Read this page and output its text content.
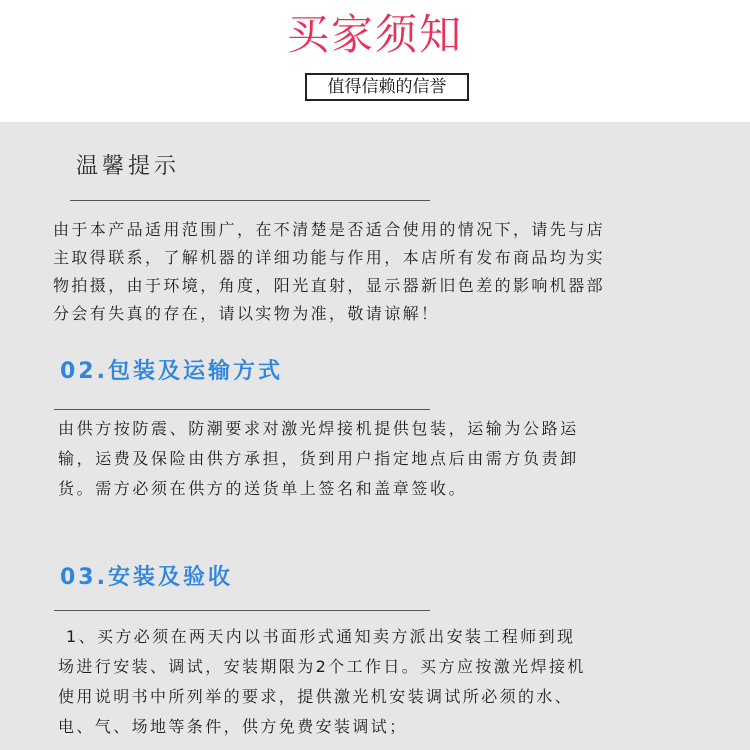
买家须知
值得信赖的信誉
温馨提示
由于本产品适用范围广，在不清楚是否适合使用的情况下，请先与店
主取得联系，了解机器的详细功能与作用，本店所有发布商品均为实
物拍摄，由于环境，角度，阳光直射，显示器新旧色差的影响机器部
分会有失真的存在，请以实物为准，敬请谅解！
02.包装及运输方式
由供方按防震、防潮要求对激光焊接机提供包装，运输为公路运
输，运费及保险由供方承担，货到用户指定地点后由需方负责卸
货。需方必须在供方的送货单上签名和盖章签收。
03.安装及验收
1、买方必须在两天内以书面形式通知卖方派出安装工程师到现
场进行安装、调试，安装期限为2个工作日。买方应按激光焊接机
使用说明书中所列举的要求，提供激光机安装调试所必须的水、
电、气、场地等条件，供方免费安装调试；
